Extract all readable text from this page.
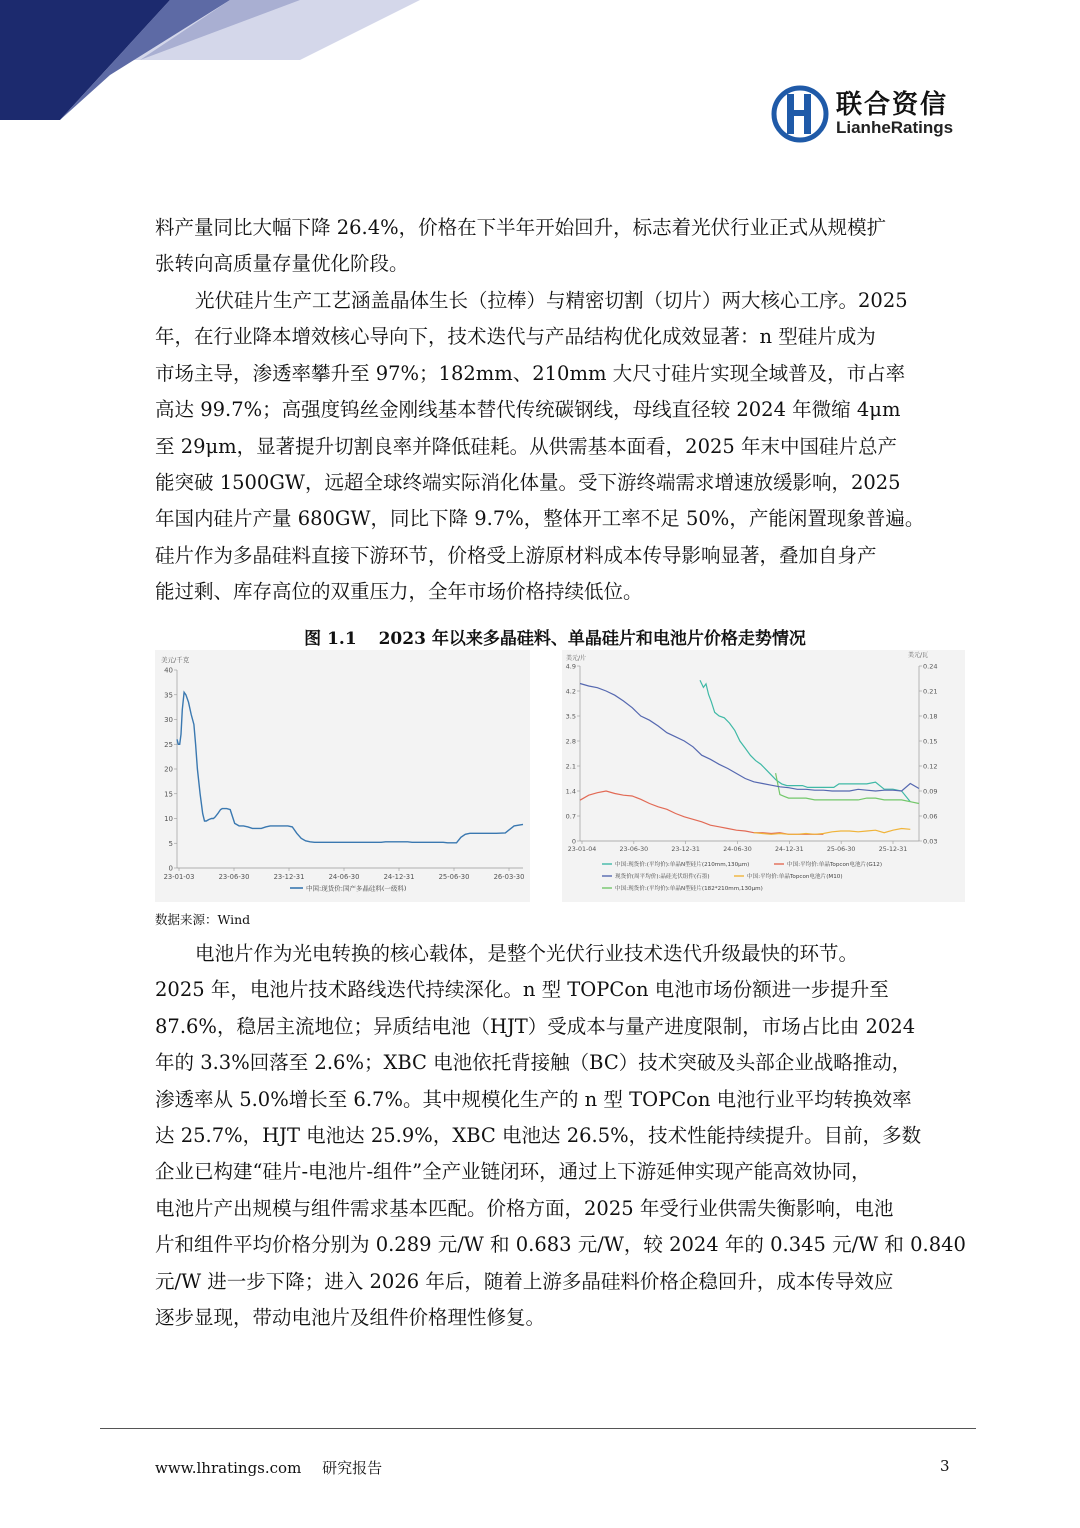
联合资信
LianheRatings
料产量同比大幅下降 26.4%，价格在下半年开始回升，标志着光伏行业正式从规模扩
张转向高质量存量优化阶段。
光伏硅片生产工艺涵盖晶体生长（拉棒）与精密切割（切片）两大核心工序。2025
年，在行业降本增效核心导向下，技术迭代与产品结构优化成效显著：n 型硅片成为
市场主导，渗透率攀升至 97%；182mm、210mm 大尺寸硅片实现全域普及，市占率
高达 99.7%；高强度钨丝金刚线基本替代传统碳钢线，母线直径较 2024 年微缩 4μm
至 29μm，显著提升切割良率并降低硅耗。从供需基本面看，2025 年末中国硅片总产
能突破 1500GW，远超全球终端实际消化体量。受下游终端需求增速放缓影响，2025
年国内硅片产量 680GW，同比下降 9.7%，整体开工率不足 50%，产能闲置现象普遍。
硅片作为多晶硅料直接下游环节，价格受上游原材料成本传导影响显著，叠加自身产
能过剩、库存高位的双重压力，全年市场价格持续低位。
图 1.1 2023 年以来多晶硅料、单晶硅片和电池片价格走势情况
美元/千克
0
5
10
15
20
25
30
35
40
23-01-03	23-06-30	23-12-31	24-06-30	24-12-31	25-06-30	26-03-30
中国:现货价:国产多晶硅料(一级料)
美元/片	美元/瓦
0
0.7
1.4
2.1
2.8
3.5
4.2
4.9
0.03
0.06
0.09
0.12
0.15
0.18
0.21
0.24
23-01-04	23-06-30	23-12-31	24-06-30	24-12-31	25-06-30	25-12-31
中国:现货价:(平均价):单晶N型硅片(210mm,130μm)	中国:平均价:单晶Topcon电池片(G12)
现货价(周平均价):晶硅光伏组件(石墨)	中国:平均价:单晶Topcon电池片(M10)
中国:现货价:(平均价):单晶N型硅片(182*210mm,130μm)
数据来源：Wind
电池片作为光电转换的核心载体，是整个光伏行业技术迭代升级最快的环节。
2025 年，电池片技术路线迭代持续深化。n 型 TOPCon 电池市场份额进一步提升至
87.6%，稳居主流地位；异质结电池（HJT）受成本与量产进度限制，市场占比由 2024
年的 3.3%回落至 2.6%；XBC 电池依托背接触（BC）技术突破及头部企业战略推动，
渗透率从 5.0%增长至 6.7%。其中规模化生产的 n 型 TOPCon 电池行业平均转换效率
达 25.7%，HJT 电池达 25.9%，XBC 电池达 26.5%，技术性能持续提升。目前，多数
企业已构建“硅片-电池片-组件”全产业链闭环，通过上下游延伸实现产能高效协同，
电池片产出规模与组件需求基本匹配。价格方面，2025 年受行业供需失衡影响，电池
片和组件平均价格分别为 0.289 元/W 和 0.683 元/W，较 2024 年的 0.345 元/W 和 0.840
元/W 进一步下降；进入 2026 年后，随着上游多晶硅料价格企稳回升，成本传导效应
逐步显现，带动电池片及组件价格理性修复。
www.lhratings.com 研究报告	3
